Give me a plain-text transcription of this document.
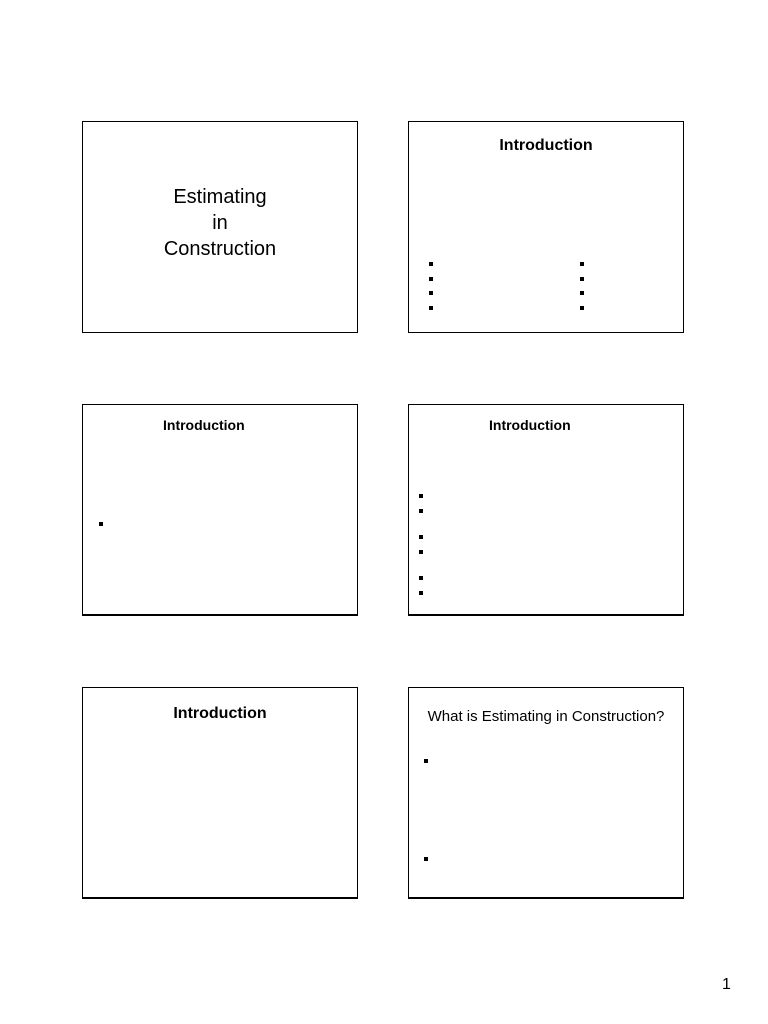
Estimating
in
Construction
Introduction
Introduction	Introduction
Introduction	What is Estimating in Construction?
1
